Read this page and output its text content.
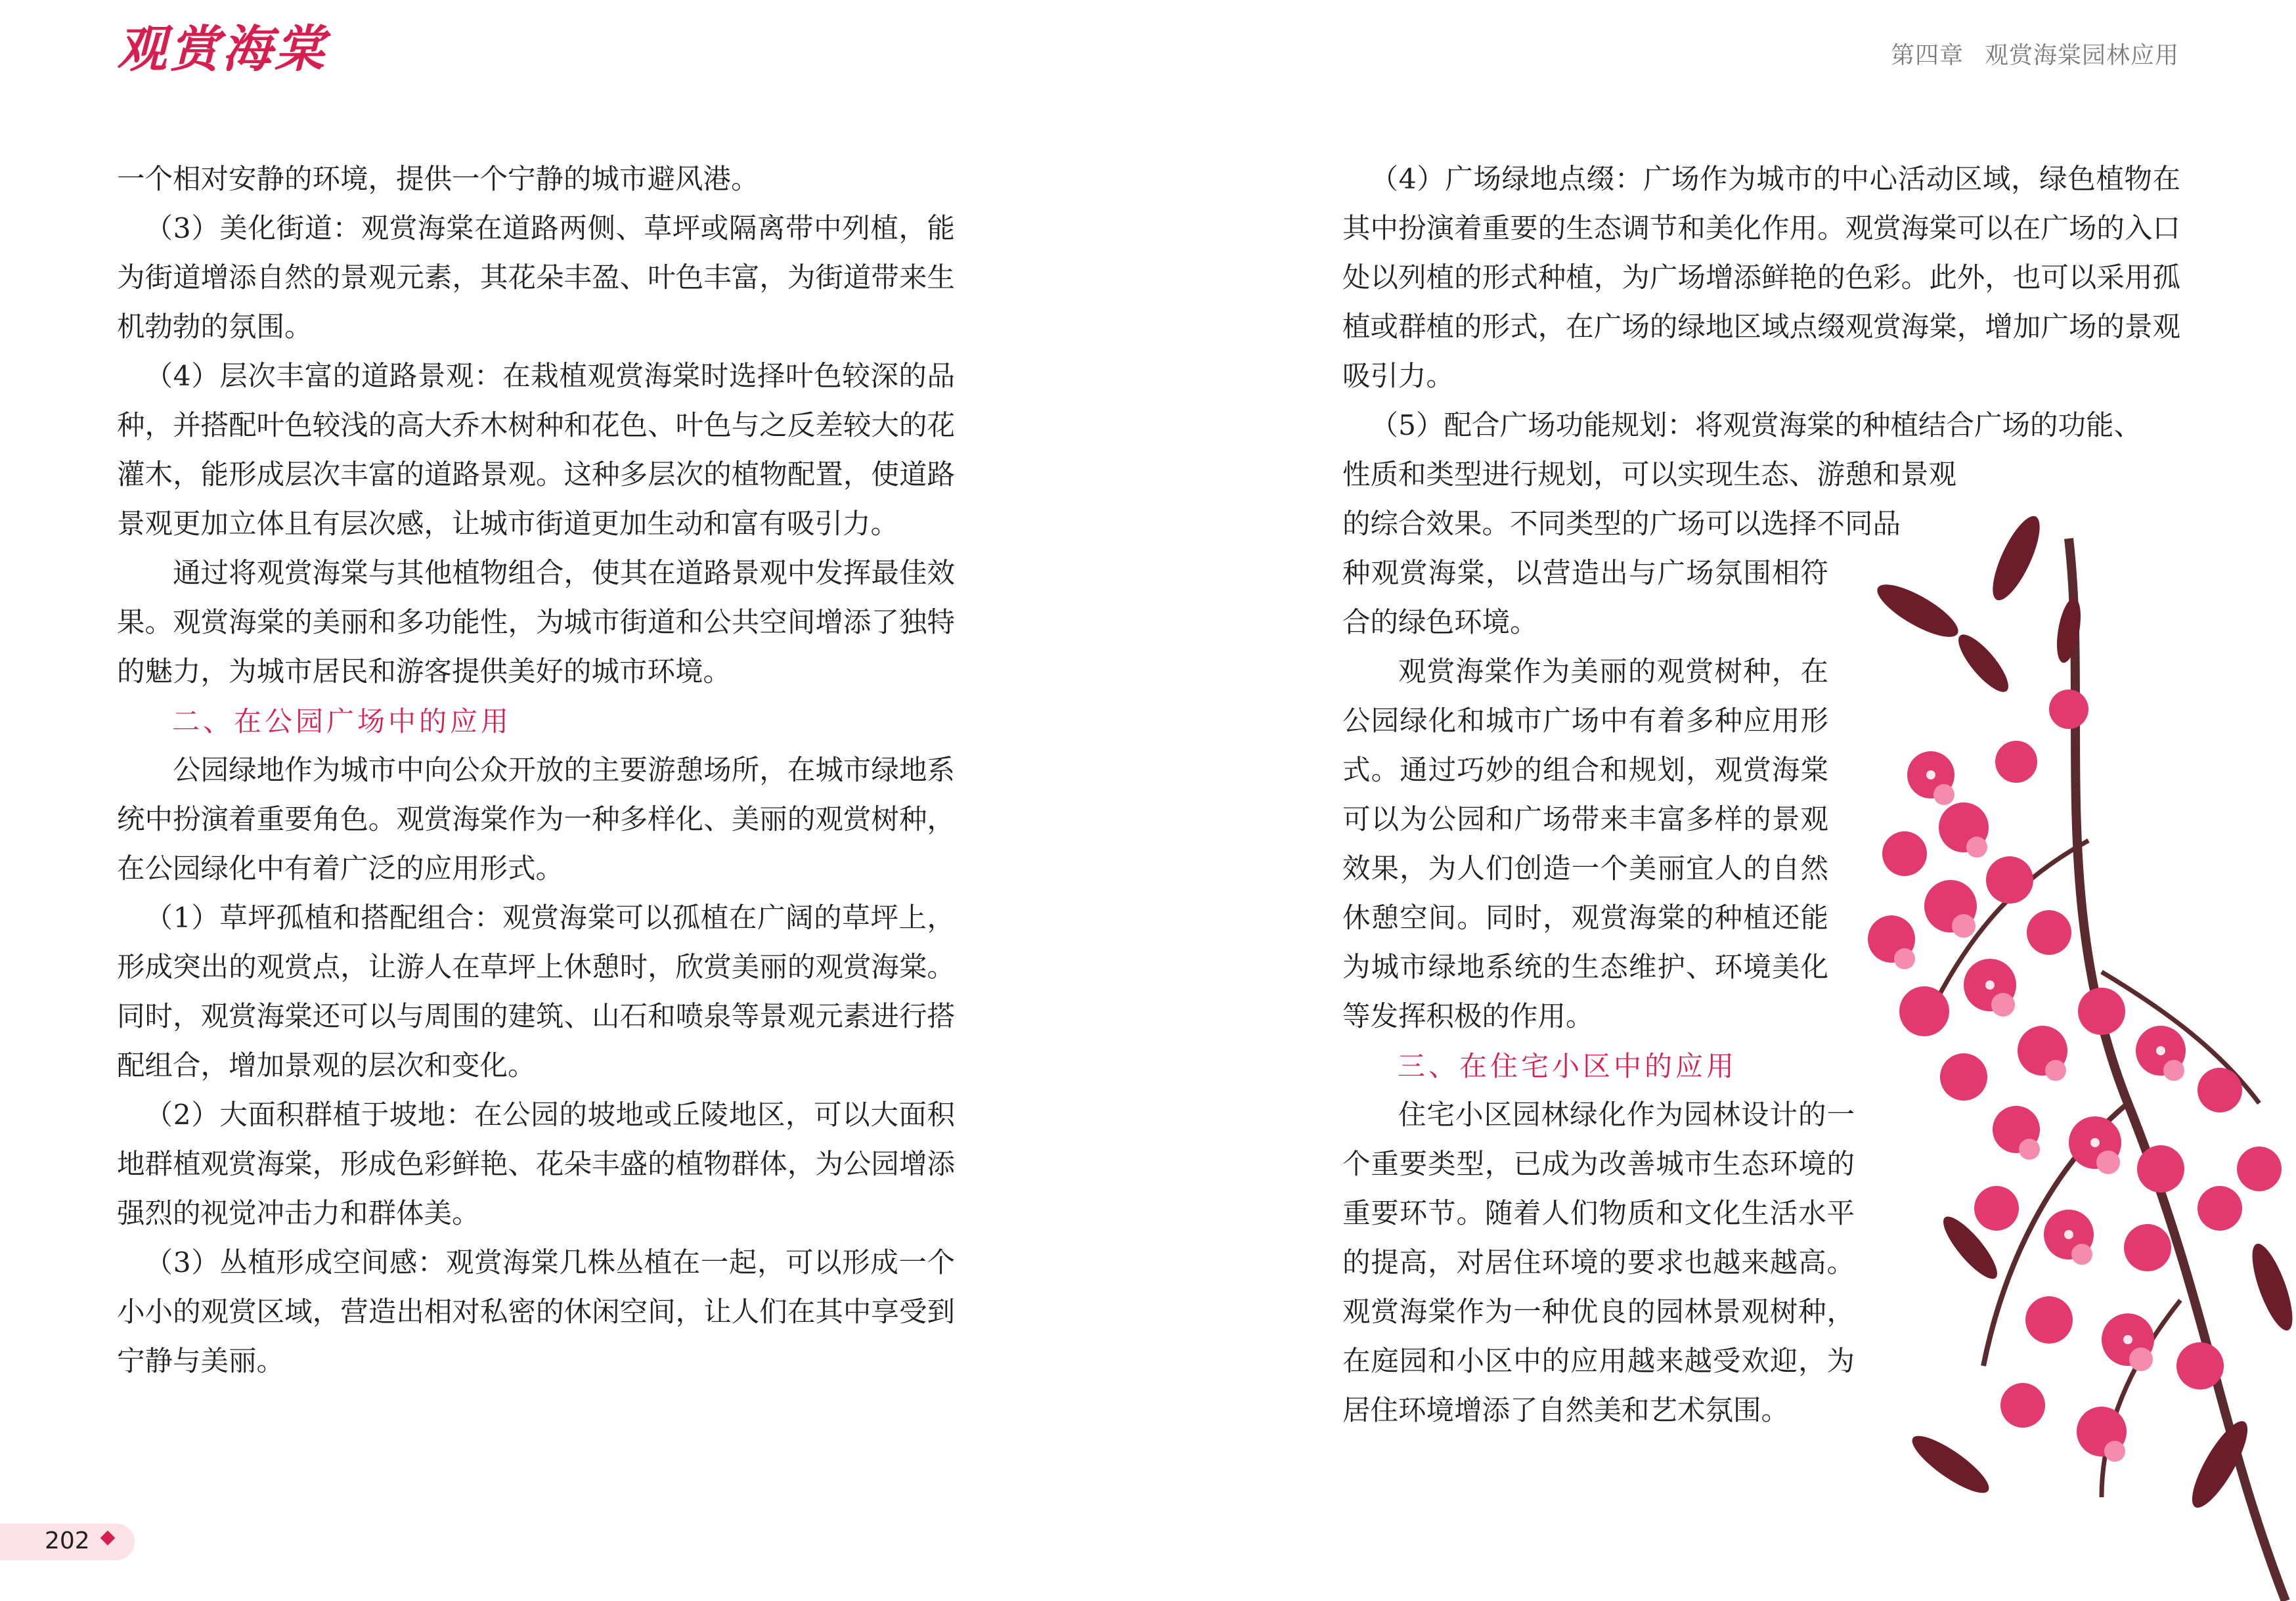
观赏海棠	第四章 观赏海棠园林应用

一个相对安静的环境，提供一个宁静的城市避风港。

（3）美化街道：观赏海棠在道路两侧、草坪或隔离带中列植，能为街道增添自然的景观元素，其花朵丰盈、叶色丰富，为街道带来生机勃勃的氛围。

（4）层次丰富的道路景观：在栽植观赏海棠时选择叶色较深的品种，并搭配叶色较浅的高大乔木树种和花色、叶色与之反差较大的花灌木，能形成层次丰富的道路景观。这种多层次的植物配置，使道路景观更加立体且有层次感，让城市街道更加生动和富有吸引力。

通过将观赏海棠与其他植物组合，使其在道路景观中发挥最佳效果。观赏海棠的美丽和多功能性，为城市街道和公共空间增添了独特的魅力，为城市居民和游客提供美好的城市环境。

二、在公园广场中的应用

公园绿地作为城市中向公众开放的主要游憩场所，在城市绿地系统中扮演着重要角色。观赏海棠作为一种多样化、美丽的观赏树种，在公园绿化中有着广泛的应用形式。

（1）草坪孤植和搭配组合：观赏海棠可以孤植在广阔的草坪上，形成突出的观赏点，让游人在草坪上休憩时，欣赏美丽的观赏海棠。同时，观赏海棠还可以与周围的建筑、山石和喷泉等景观元素进行搭配组合，增加景观的层次和变化。

（2）大面积群植于坡地：在公园的坡地或丘陵地区，可以大面积地群植观赏海棠，形成色彩鲜艳、花朵丰盛的植物群体，为公园增添强烈的视觉冲击力和群体美。

（3）丛植形成空间感：观赏海棠几株丛植在一起，可以形成一个小小的观赏区域，营造出相对私密的休闲空间，让人们在其中享受到宁静与美丽。

（4）广场绿地点缀：广场作为城市的中心活动区域，绿色植物在其中扮演着重要的生态调节和美化作用。观赏海棠可以在广场的入口处以列植的形式种植，为广场增添鲜艳的色彩。此外，也可以采用孤植或群植的形式，在广场的绿地区域点缀观赏海棠，增加广场的景观吸引力。

（5）配合广场功能规划：将观赏海棠的种植结合广场的功能、

性质和类型进行规划，可以实现生态、游憩和景观

的综合效果。不同类型的广场可以选择不同品

种观赏海棠，以营造出与广场氛围相符合的绿色环境。

观赏海棠作为美丽的观赏树种，在公园绿化和城市广场中有着多种应用形式。通过巧妙的组合和规划，观赏海棠可以为公园和广场带来丰富多样的景观效果，为人们创造一个美丽宜人的自然休憩空间。同时，观赏海棠的种植还能为城市绿地系统的生态维护、环境美化等发挥积极的作用。

三、在住宅小区中的应用

住宅小区园林绿化作为园林设计的一个重要类型，已成为改善城市生态环境的重要环节。随着人们物质和文化生活水平的提高，对居住环境的要求也越来越高。观赏海棠作为一种优良的园林景观树种，在庭园和小区中的应用越来越受欢迎，为居住环境增添了自然美和艺术氛围。

202
